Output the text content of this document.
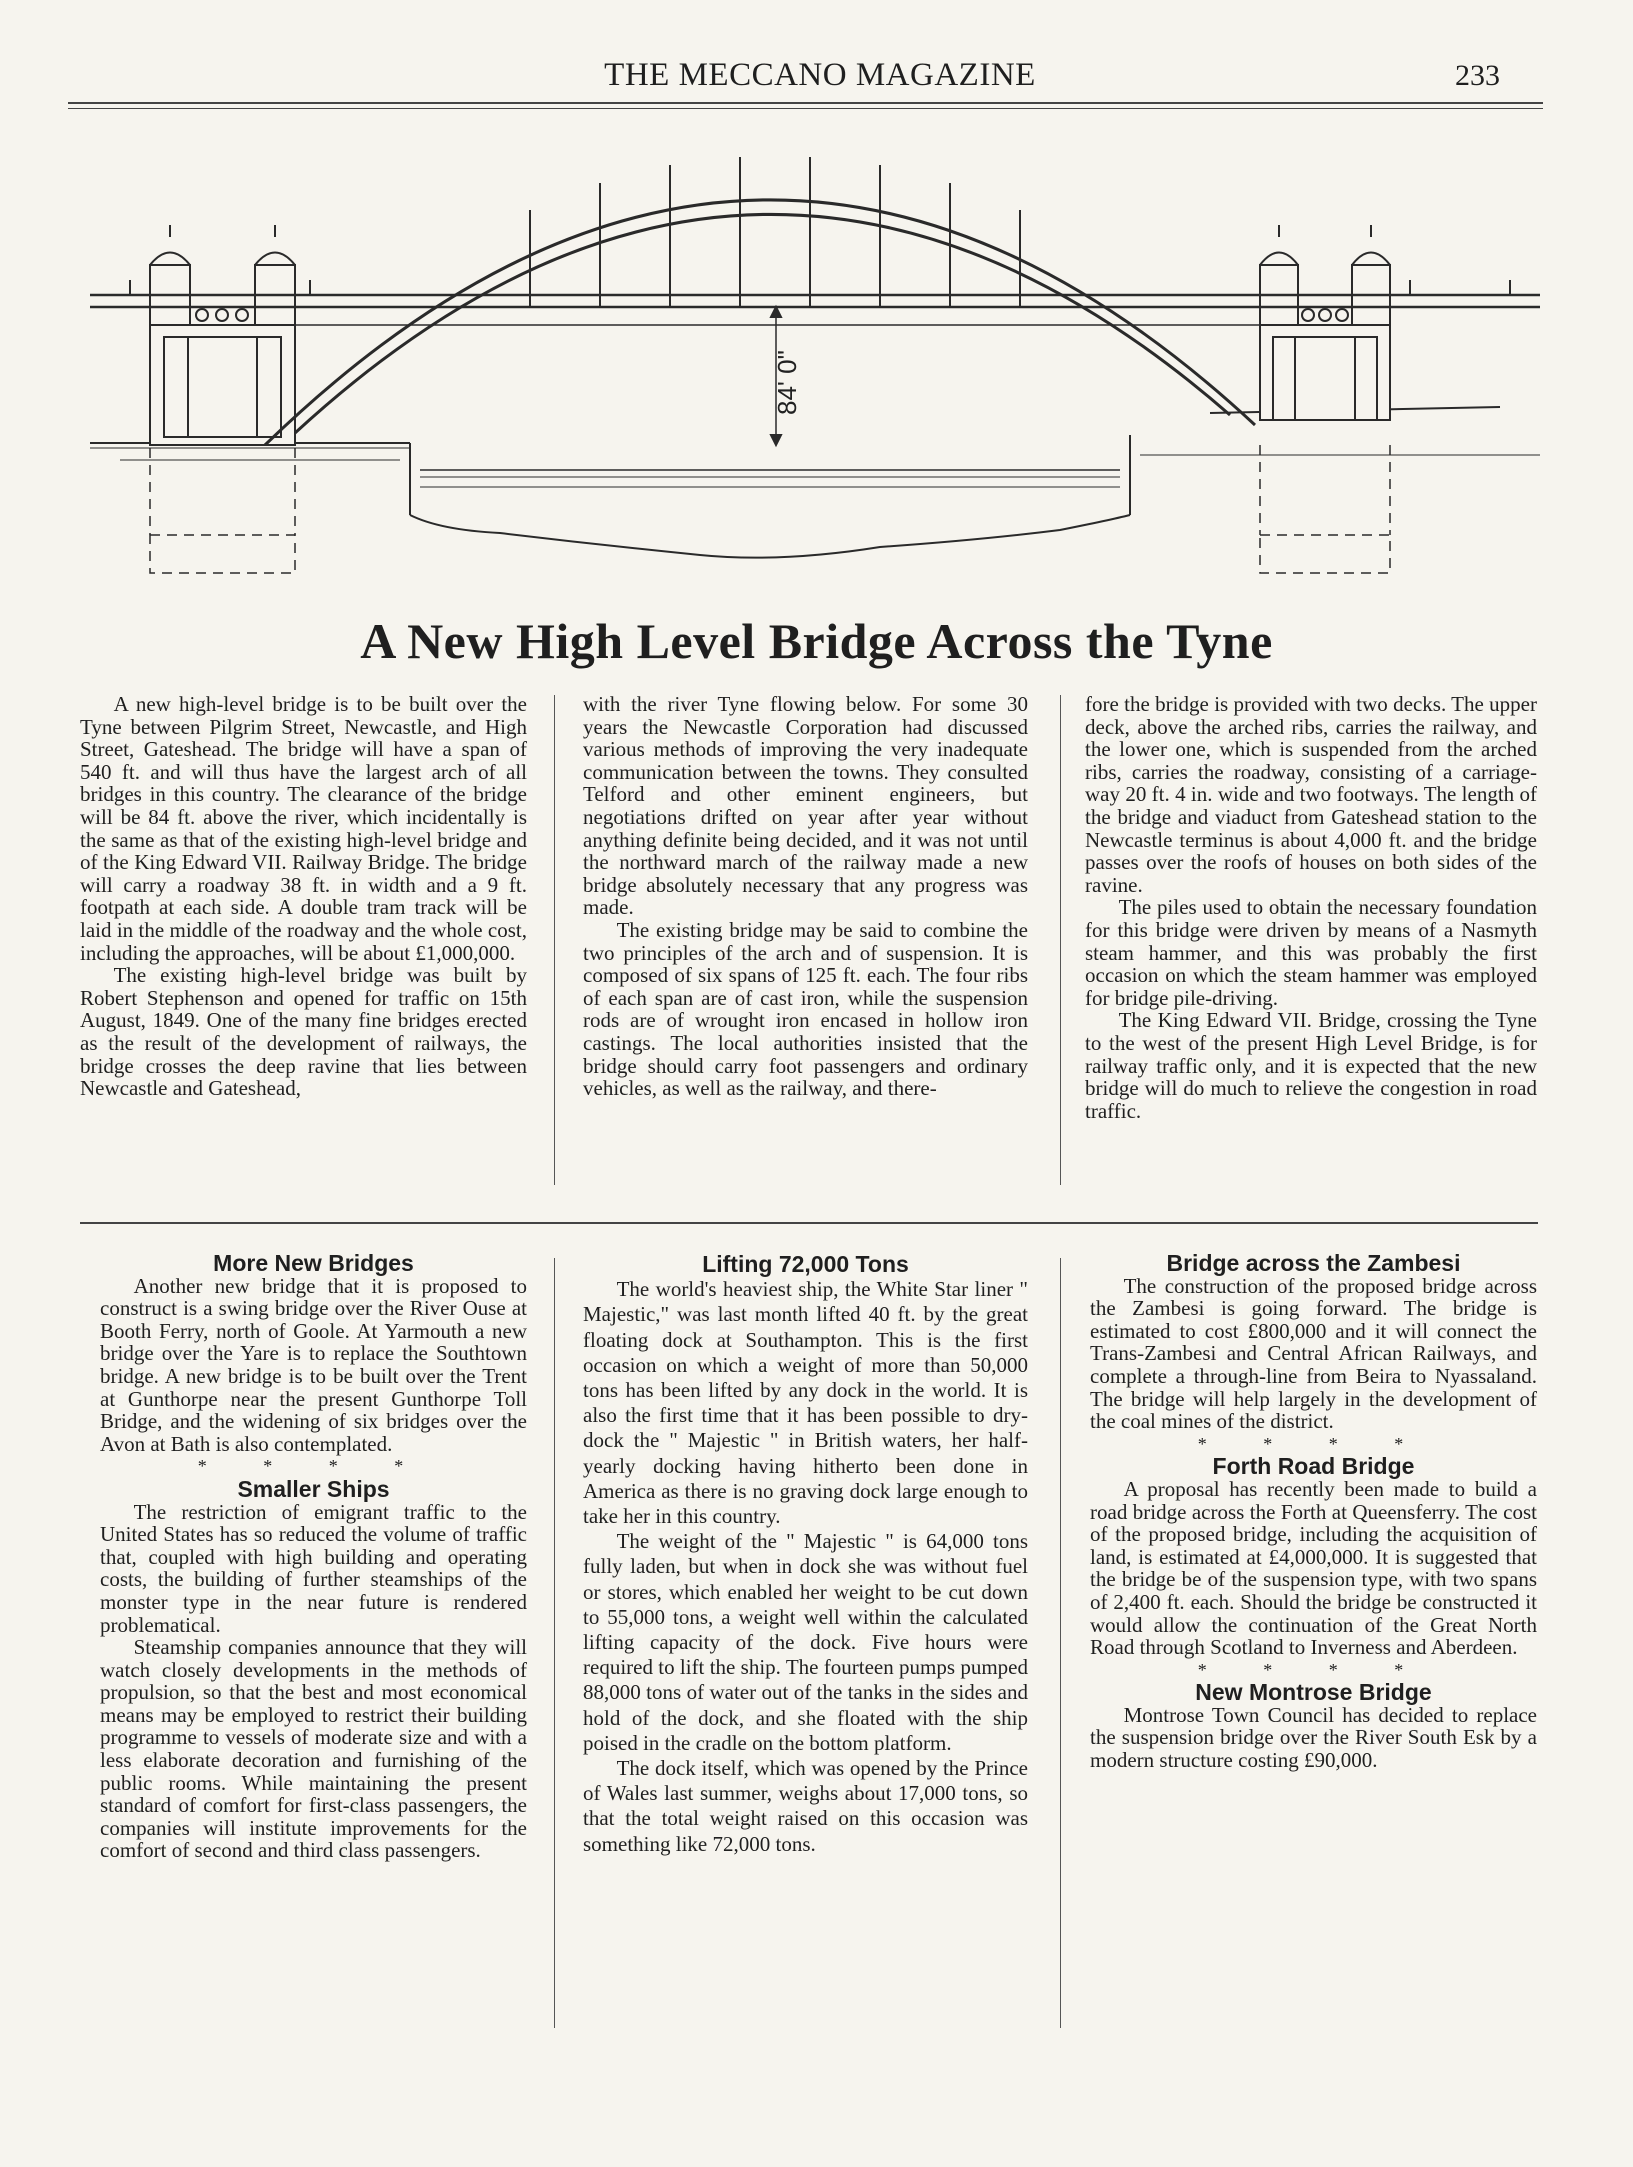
THE MECCANO MAGAZINE	233
84' 0"
A New High Level Bridge Across the Tyne

A new high-level bridge is to be built over the Tyne between Pilgrim Street, Newcastle, and High Street, Gateshead. The bridge will have a span of 540 ft. and will thus have the largest arch of all bridges in this country. The clearance of the bridge will be 84 ft. above the river, which incidentally is the same as that of the existing high-level bridge and of the King Edward VII. Railway Bridge. The bridge will carry a roadway 38 ft. in width and a 9 ft. footpath at each side. A double tram track will be laid in the middle of the roadway and the whole cost, including the approaches, will be about £1,000,000.

The existing high-level bridge was built by Robert Stephenson and opened for traffic on 15th August, 1849. One of the many fine bridges erected as the result of the development of railways, the bridge crosses the deep ravine that lies between Newcastle and Gateshead,

with the river Tyne flowing below. For some 30 years the Newcastle Corporation had discussed various methods of improving the very inadequate communication between the towns. They consulted Telford and other eminent engineers, but negotiations drifted on year after year without anything definite being decided, and it was not until the northward march of the railway made a new bridge absolutely necessary that any progress was made.

The existing bridge may be said to combine the two principles of the arch and of suspension. It is composed of six spans of 125 ft. each. The four ribs of each span are of cast iron, while the suspension rods are of wrought iron encased in hollow iron castings. The local authorities insisted that the bridge should carry foot passengers and ordinary vehicles, as well as the railway, and there-

fore the bridge is provided with two decks. The upper deck, above the arched ribs, carries the railway, and the lower one, which is suspended from the arched ribs, carries the roadway, consisting of a carriage-way 20 ft. 4 in. wide and two footways. The length of the bridge and viaduct from Gateshead station to the Newcastle terminus is about 4,000 ft. and the bridge passes over the roofs of houses on both sides of the ravine.

The piles used to obtain the necessary foundation for this bridge were driven by means of a Nasmyth steam hammer, and this was probably the first occasion on which the steam hammer was employed for bridge pile-driving.

The King Edward VII. Bridge, crossing the Tyne to the west of the present High Level Bridge, is for railway traffic only, and it is expected that the new bridge will do much to relieve the congestion in road traffic.

More New Bridges

Another new bridge that it is proposed to construct is a swing bridge over the River Ouse at Booth Ferry, north of Goole. At Yarmouth a new bridge over the Yare is to replace the Southtown bridge. A new bridge is to be built over the Trent at Gunthorpe near the present Gunthorpe Toll Bridge, and the widening of six bridges over the Avon at Bath is also contemplated.

* * * *

Smaller Ships

The restriction of emigrant traffic to the United States has so reduced the volume of traffic that, coupled with high building and operating costs, the building of further steamships of the monster type in the near future is rendered problematical.

Steamship companies announce that they will watch closely developments in the methods of propulsion, so that the best and most economical means may be employed to restrict their building programme to vessels of moderate size and with a less elaborate decoration and furnishing of the public rooms. While maintaining the present standard of comfort for first-class passengers, the companies will institute improvements for the comfort of second and third class passengers.

Lifting 72,000 Tons

The world's heaviest ship, the White Star liner " Majestic," was last month lifted 40 ft. by the great floating dock at Southampton. This is the first occasion on which a weight of more than 50,000 tons has been lifted by any dock in the world. It is also the first time that it has been possible to dry-dock the " Majestic " in British waters, her half-yearly docking having hitherto been done in America as there is no graving dock large enough to take her in this country.

The weight of the " Majestic " is 64,000 tons fully laden, but when in dock she was without fuel or stores, which enabled her weight to be cut down to 55,000 tons, a weight well within the calculated lifting capacity of the dock. Five hours were required to lift the ship. The fourteen pumps pumped 88,000 tons of water out of the tanks in the sides and hold of the dock, and she floated with the ship poised in the cradle on the bottom platform.

The dock itself, which was opened by the Prince of Wales last summer, weighs about 17,000 tons, so that the total weight raised on this occasion was something like 72,000 tons.

Bridge across the Zambesi

The construction of the proposed bridge across the Zambesi is going forward. The bridge is estimated to cost £800,000 and it will connect the Trans-Zambesi and Central African Railways, and complete a through-line from Beira to Nyassaland. The bridge will help largely in the development of the coal mines of the district.

* * * *

Forth Road Bridge

A proposal has recently been made to build a road bridge across the Forth at Queensferry. The cost of the proposed bridge, including the acquisition of land, is estimated at £4,000,000. It is suggested that the bridge be of the suspension type, with two spans of 2,400 ft. each. Should the bridge be constructed it would allow the continuation of the Great North Road through Scotland to Inverness and Aberdeen.

* * * *

New Montrose Bridge

Montrose Town Council has decided to replace the suspension bridge over the River South Esk by a modern structure costing £90,000.
